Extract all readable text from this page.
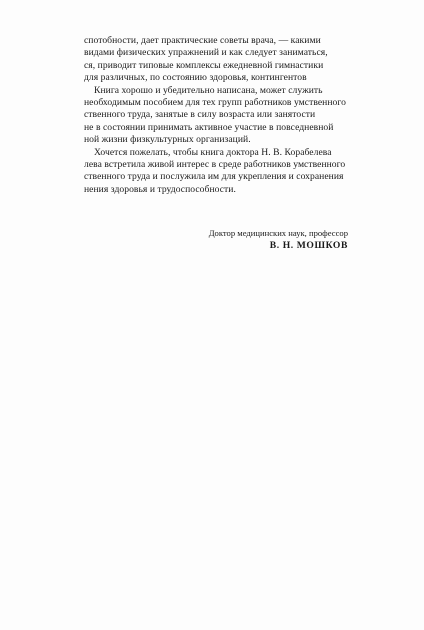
спотобности, дает практические советы врача, — какими
видами физических упражнений и как следует заниматься,
ся, приводит типовые комплексы ежедневной гимнастики
для различных, по состоянию здоровья, контингентов

Книга хорошо и убедительно написана, может служить
необходимым пособием для тех групп работников умственного
ственного труда, занятые в силу возраста или занятости
не в состоянии принимать активное участие в повседневной
ной жизни физкультурных организаций.

Хочется пожелать, чтобы книга доктора Н. В. Корабелева
лева встретила живой интерес в среде работников умственного
ственного труда и послужила им для укрепления и сохранения
нения здоровья и трудоспособности.

Доктор медицинских наук, профессор
В. Н. МОШКОВ
